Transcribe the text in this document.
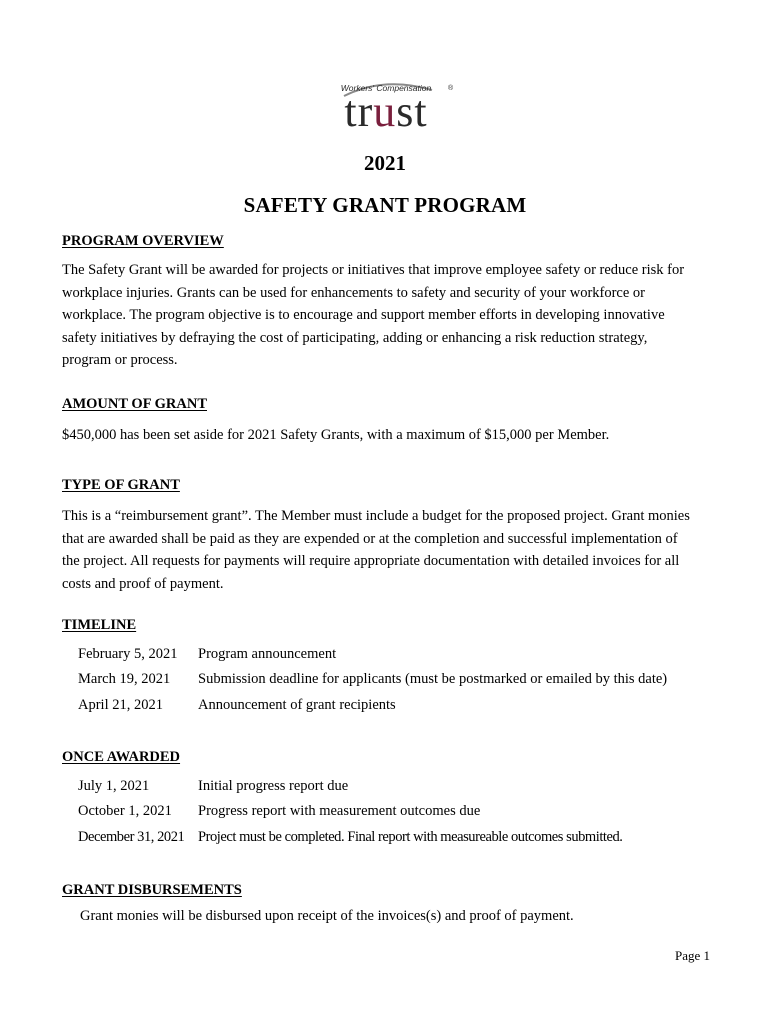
Workers' Compensation ®
trust
2021
SAFETY GRANT PROGRAM
PROGRAM OVERVIEW
The Safety Grant will be awarded for projects or initiatives that improve employee safety or reduce risk for
workplace injuries. Grants can be used for enhancements to safety and security of your workforce or
workplace. The program objective is to encourage and support member efforts in developing innovative
safety initiatives by defraying the cost of participating, adding or enhancing a risk reduction strategy,
program or process.
AMOUNT OF GRANT
$450,000 has been set aside for 2021 Safety Grants, with a maximum of $15,000 per Member.
TYPE OF GRANT
This is a “reimbursement grant”. The Member must include a budget for the proposed project. Grant monies
that are awarded shall be paid as they are expended or at the completion and successful implementation of
the project. All requests for payments will require appropriate documentation with detailed invoices for all
costs and proof of payment.
TIMELINE
February 5, 2021 Program announcement
March 19, 2021 Submission deadline for applicants (must be postmarked or emailed by this date)
April 21, 2021 Announcement of grant recipients
ONCE AWARDED
July 1, 2021	Initial progress report due
October 1, 2021 Progress report with measurement outcomes due
December 31, 2021 Project must be completed. Final report with measureable outcomes submitted.
GRANT DISBURSEMENTS
Grant monies will be disbursed upon receipt of the invoices(s) and proof of payment.
Page 1
